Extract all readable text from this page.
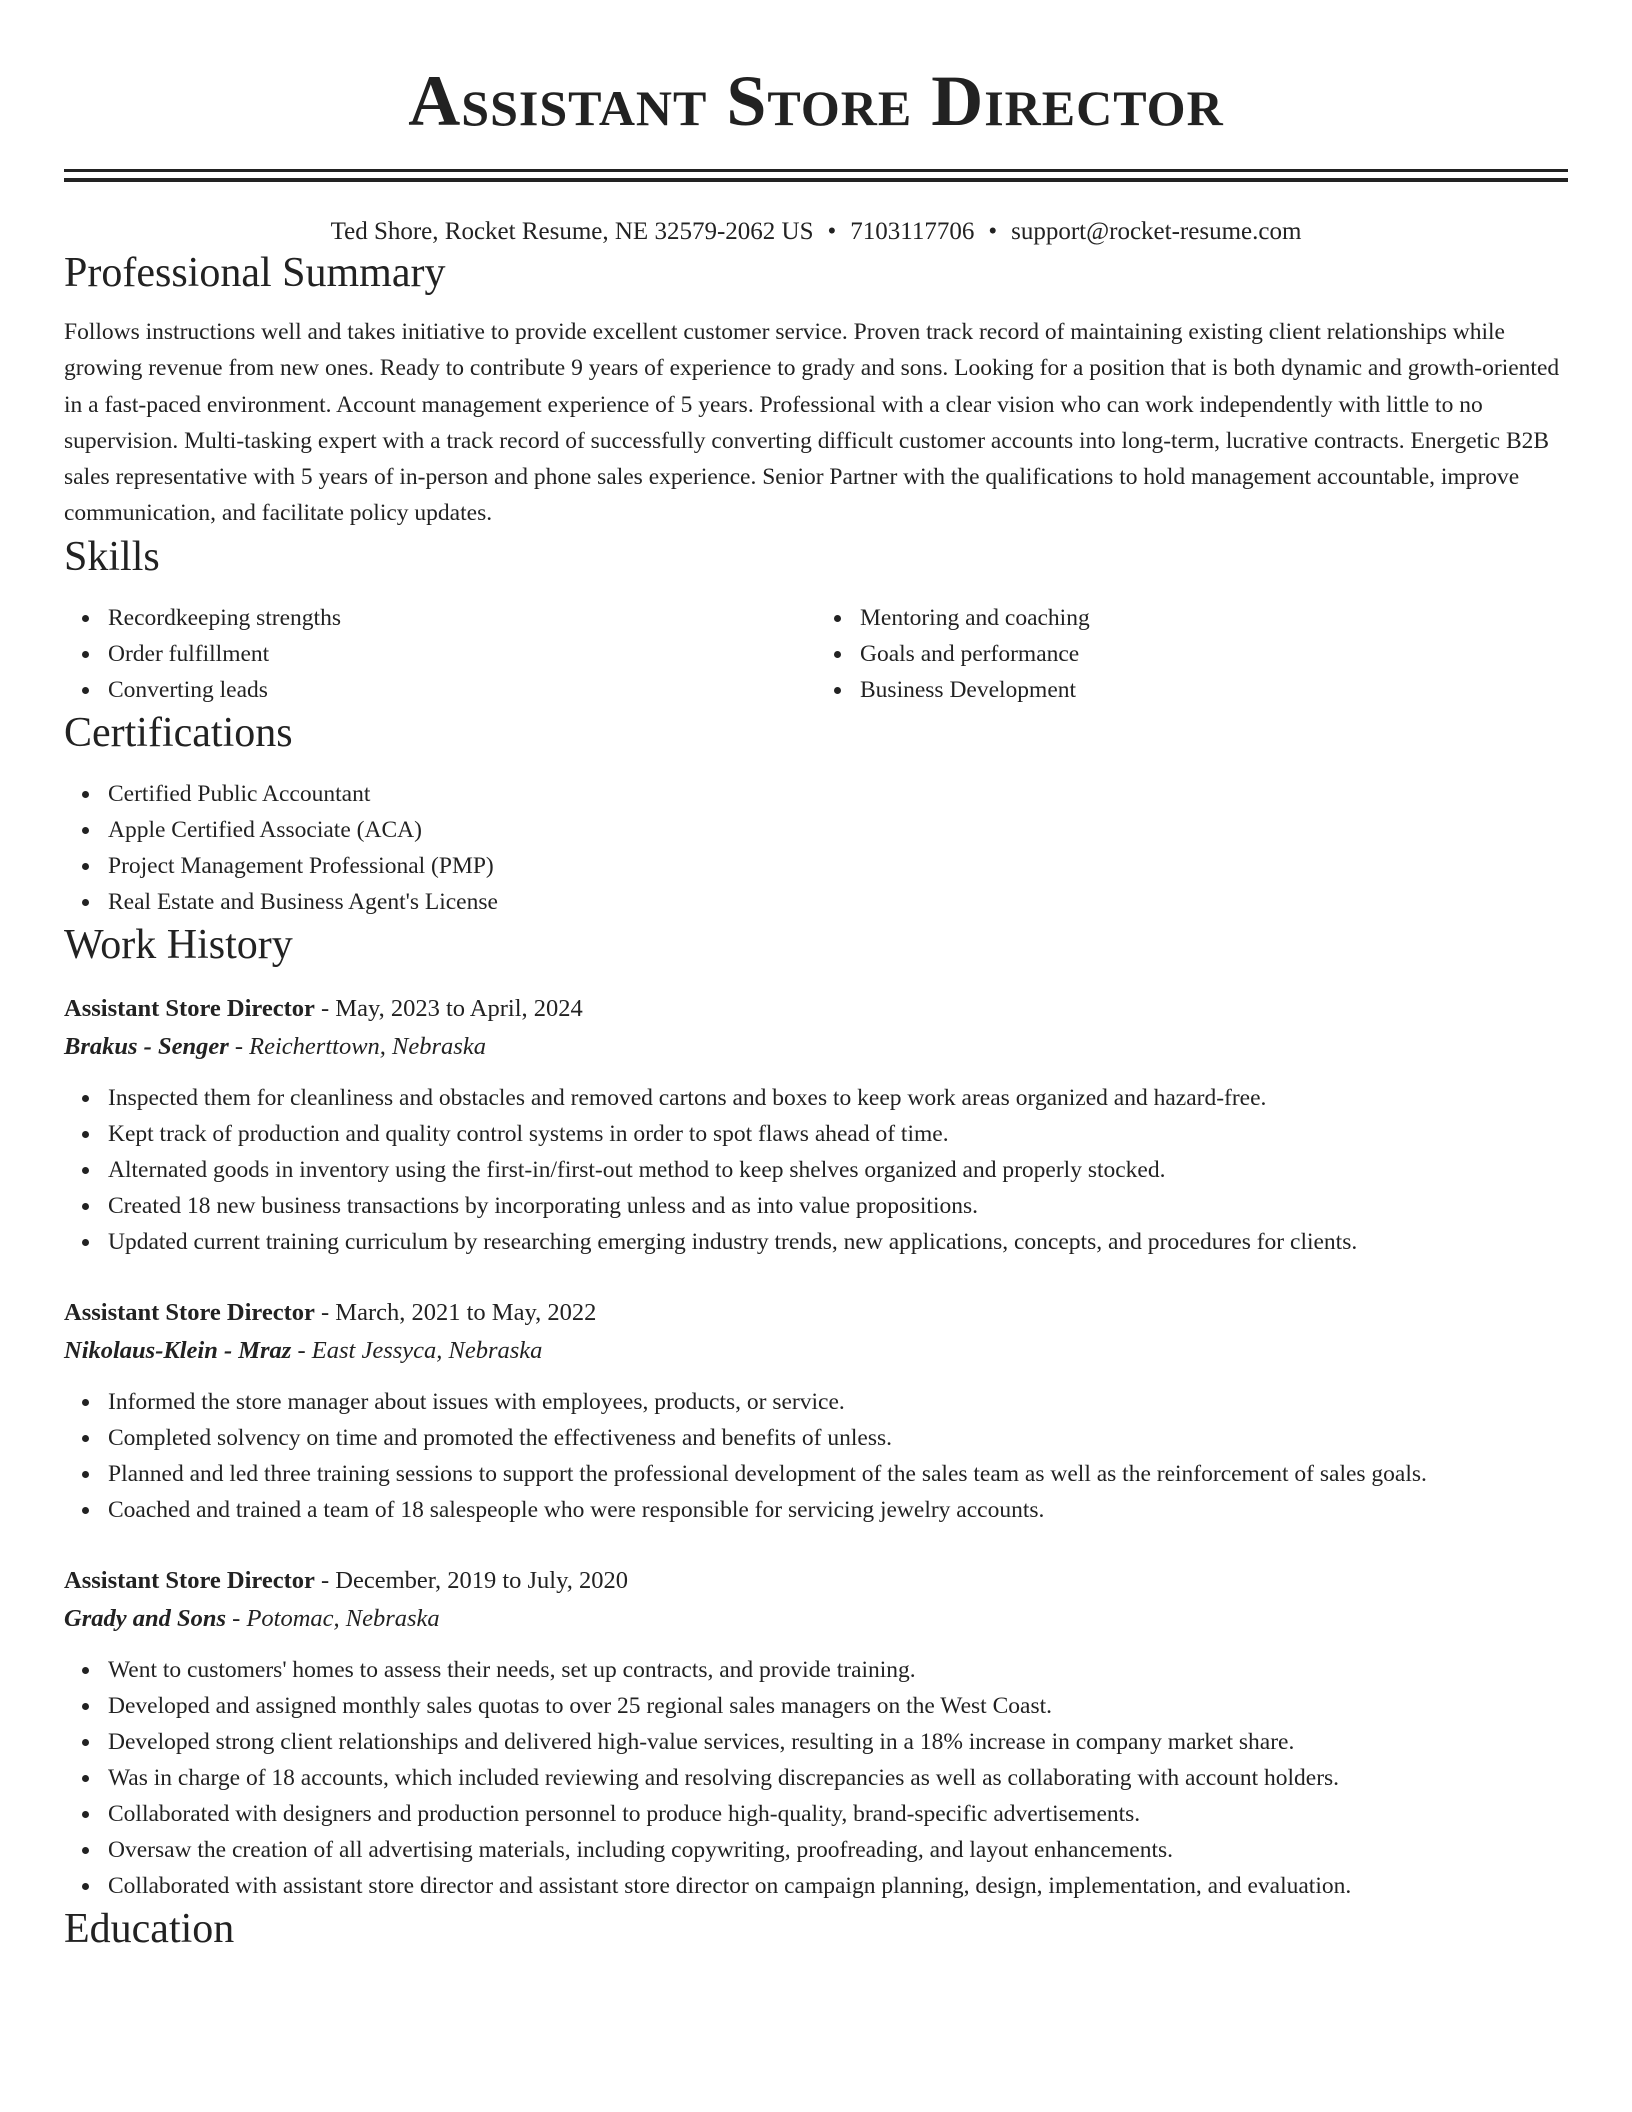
Assistant Store Director
Ted Shore, Rocket Resume, NE 32579-2062 US • 7103117706 • support@rocket-resume.com
Professional Summary

Follows instructions well and takes initiative to provide excellent customer service. Proven track record of maintaining existing client relationships while growing revenue from new ones. Ready to contribute 9 years of experience to grady and sons. Looking for a position that is both dynamic and growth-oriented in a fast-paced environment. Account management experience of 5 years. Professional with a clear vision who can work independently with little to no supervision. Multi-tasking expert with a track record of successfully converting difficult customer accounts into long-term, lucrative contracts. Energetic B2B sales representative with 5 years of in-person and phone sales experience. Senior Partner with the qualifications to hold management accountable, improve communication, and facilitate policy updates.

Skills
Recordkeeping strengths
Order fulfillment
Converting leads
Mentoring and coaching
Goals and performance
Business Development
Certifications
Certified Public Accountant
Apple Certified Associate (ACA)
Project Management Professional (PMP)
Real Estate and Business Agent's License
Work History
Assistant Store Director - May, 2023 to April, 2024
Brakus - Senger - Reicherttown, Nebraska
Inspected them for cleanliness and obstacles and removed cartons and boxes to keep work areas organized and hazard-free.
Kept track of production and quality control systems in order to spot flaws ahead of time.
Alternated goods in inventory using the first-in/first-out method to keep shelves organized and properly stocked.
Created 18 new business transactions by incorporating unless and as into value propositions.
Updated current training curriculum by researching emerging industry trends, new applications, concepts, and procedures for clients.
Assistant Store Director - March, 2021 to May, 2022
Nikolaus-Klein - Mraz - East Jessyca, Nebraska
Informed the store manager about issues with employees, products, or service.
Completed solvency on time and promoted the effectiveness and benefits of unless.
Planned and led three training sessions to support the professional development of the sales team as well as the reinforcement of sales goals.
Coached and trained a team of 18 salespeople who were responsible for servicing jewelry accounts.
Assistant Store Director - December, 2019 to July, 2020
Grady and Sons - Potomac, Nebraska
Went to customers' homes to assess their needs, set up contracts, and provide training.
Developed and assigned monthly sales quotas to over 25 regional sales managers on the West Coast.
Developed strong client relationships and delivered high-value services, resulting in a 18% increase in company market share.
Was in charge of 18 accounts, which included reviewing and resolving discrepancies as well as collaborating with account holders.
Collaborated with designers and production personnel to produce high-quality, brand-specific advertisements.
Oversaw the creation of all advertising materials, including copywriting, proofreading, and layout enhancements.
Collaborated with assistant store director and assistant store director on campaign planning, design, implementation, and evaluation.
Education
